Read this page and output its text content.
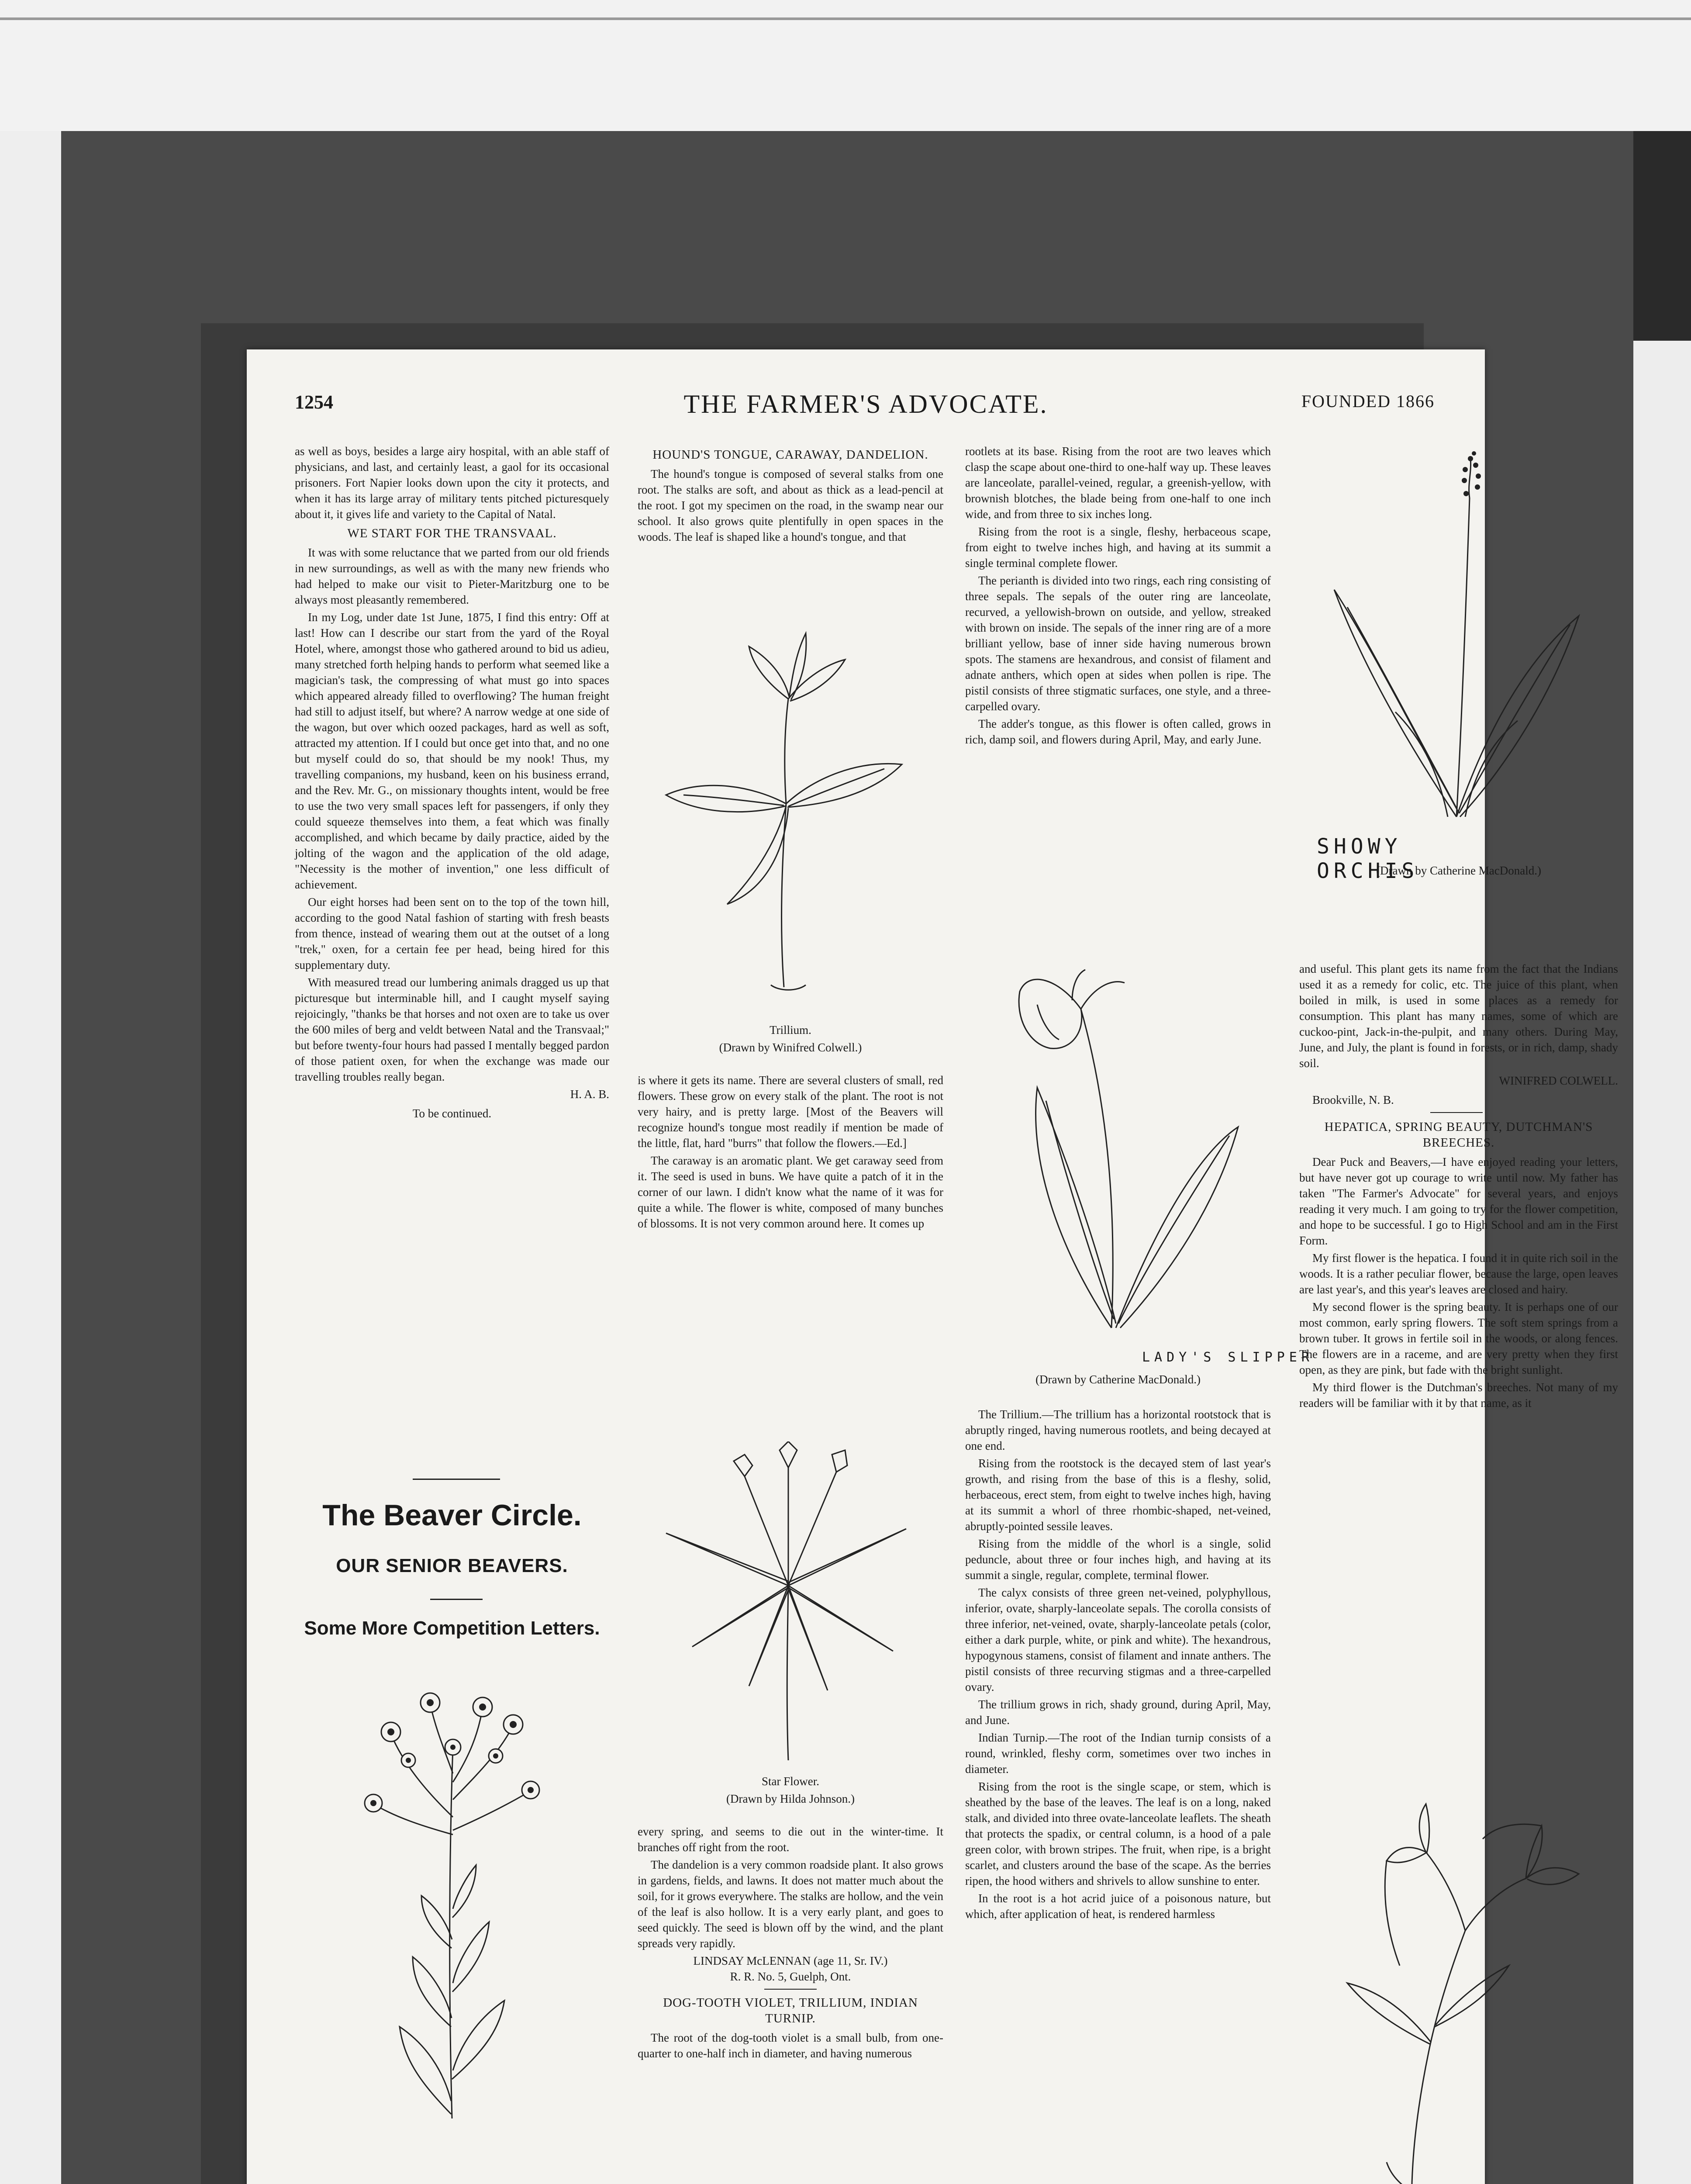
1254	THE FARMER'S ADVOCATE.	FOUNDED 1866

as well as boys, besides a large airy hospital, with an able staff of physicians, and last, and certainly least, a gaol for its occasional prisoners. Fort Napier looks down upon the city it protects, and when it has its large array of military tents pitched picturesquely about it, it gives life and variety to the Capital of Natal.

WE START FOR THE TRANSVAAL.

It was with some reluctance that we parted from our old friends in new surroundings, as well as with the many new friends who had helped to make our visit to Pieter-Maritzburg one to be always most pleasantly remembered.

In my Log, under date 1st June, 1875, I find this entry: Off at last! How can I describe our start from the yard of the Royal Hotel, where, amongst those who gathered around to bid us adieu, many stretched forth helping hands to perform what seemed like a magician's task, the compressing of what must go into spaces which appeared already filled to overflowing? The human freight had still to adjust itself, but where? A narrow wedge at one side of the wagon, but over which oozed packages, hard as well as soft, attracted my attention. If I could but once get into that, and no one but myself could do so, that should be my nook! Thus, my travelling companions, my husband, keen on his business errand, and the Rev. Mr. G., on missionary thoughts intent, would be free to use the two very small spaces left for passengers, if only they could squeeze themselves into them, a feat which was finally accomplished, and which became by daily practice, aided by the jolting of the wagon and the application of the old adage, "Necessity is the mother of invention," one less difficult of achievement.

Our eight horses had been sent on to the top of the town hill, according to the good Natal fashion of starting with fresh beasts from thence, instead of wearing them out at the outset of a long "trek," oxen, for a certain fee per head, being hired for this supplementary duty.

With measured tread our lumbering animals dragged us up that picturesque but interminable hill, and I caught myself saying rejoicingly, "thanks be that horses and not oxen are to take us over the 600 miles of berg and veldt between Natal and the Transvaal;" but before twenty-four hours had passed I mentally begged pardon of those patient oxen, for when the exchange was made our travelling troubles really began.

H. A. B.
To be continued.
The Beaver Circle.
OUR SENIOR BEAVERS.
Some More Competition Letters.
HOUND'S TONGUE, CARAWAY, DANDELION.

The hound's tongue is composed of several stalks from one root. The stalks are soft, and about as thick as a lead-pencil at the root. I got my specimen on the road, in the swamp near our school. It also grows quite plentifully in open spaces in the woods. The leaf is shaped like a hound's tongue, and that

Trillium.
(Drawn by Winifred Colwell.)

is where it gets its name. There are several clusters of small, red flowers. These grow on every stalk of the plant. The root is not very hairy, and is pretty large. [Most of the Beavers will recognize hound's tongue most readily if mention be made of the little, flat, hard "burrs" that follow the flowers.—Ed.]

The caraway is an aromatic plant. We get caraway seed from it. The seed is used in buns. We have quite a patch of it in the corner of our lawn. I didn't know what the name of it was for quite a while. The flower is white, composed of many bunches of blossoms. It is not very common around here. It comes up

Star Flower.
(Drawn by Hilda Johnson.)

every spring, and seems to die out in the winter-time. It branches off right from the root.

The dandelion is a very common roadside plant. It also grows in gardens, fields, and lawns. It does not matter much about the soil, for it grows everywhere. The stalks are hollow, and the vein of the leaf is also hollow. It is a very early plant, and goes to seed quickly. The seed is blown off by the wind, and the plant spreads very rapidly.

LINDSAY McLENNAN (age 11, Sr. IV.)
R. R. No. 5, Guelph, Ont.
DOG-TOOTH VIOLET, TRILLIUM, INDIAN TURNIP.

The root of the dog-tooth violet is a small bulb, from one-quarter to one-half inch in diameter, and having numerous

rootlets at its base. Rising from the root are two leaves which clasp the scape about one-third to one-half way up. These leaves are lanceolate, parallel-veined, regular, a greenish-yellow, with brownish blotches, the blade being from one-half to one inch wide, and from three to six inches long.

Rising from the root is a single, fleshy, herbaceous scape, from eight to twelve inches high, and having at its summit a single terminal complete flower.

The perianth is divided into two rings, each ring consisting of three sepals. The sepals of the outer ring are lanceolate, recurved, a yellowish-brown on outside, and yellow, streaked with brown on inside. The sepals of the inner ring are of a more brilliant yellow, base of inner side having numerous brown spots. The stamens are hexandrous, and consist of filament and adnate anthers, which open at sides when pollen is ripe. The pistil consists of three stigmatic surfaces, one style, and a three-carpelled ovary.

The adder's tongue, as this flower is often called, grows in rich, damp soil, and flowers during April, May, and early June.

LADY'S SLIPPER
(Drawn by Catherine MacDonald.)

The Trillium.—The trillium has a horizontal rootstock that is abruptly ringed, having numerous rootlets, and being decayed at one end.

Rising from the rootstock is the decayed stem of last year's growth, and rising from the base of this is a fleshy, solid, herbaceous, erect stem, from eight to twelve inches high, having at its summit a whorl of three rhombic-shaped, net-veined, abruptly-pointed sessile leaves.

Rising from the middle of the whorl is a single, solid peduncle, about three or four inches high, and having at its summit a single, regular, complete, terminal flower.

The calyx consists of three green net-veined, polyphyllous, inferior, ovate, sharply-lanceolate sepals. The corolla consists of three inferior, net-veined, ovate, sharply-lanceolate petals (color, either a dark purple, white, or pink and white). The hexandrous, hypogynous stamens, consist of filament and innate anthers. The pistil consists of three recurving stigmas and a three-carpelled ovary.

The trillium grows in rich, shady ground, during April, May, and June.

Indian Turnip.—The root of the Indian turnip consists of a round, wrinkled, fleshy corm, sometimes over two inches in diameter.

Rising from the root is the single scape, or stem, which is sheathed by the base of the leaves. The leaf is on a long, naked stalk, and divided into three ovate-lanceolate leaflets. The sheath that protects the spadix, or central column, is a hood of a pale green color, with brown stripes. The fruit, when ripe, is a bright scarlet, and clusters around the base of the scape. As the berries ripen, the hood withers and shrivels to allow sunshine to enter.

In the root is a hot acrid juice of a poisonous nature, but which, after application of heat, is rendered harmless

SHOWY ORCHIS
(Drawn by Catherine MacDonald.)

and useful. This plant gets its name from the fact that the Indians used it as a remedy for colic, etc. The juice of this plant, when boiled in milk, is used in some places as a remedy for consumption. This plant has many names, some of which are cuckoo-pint, Jack-in-the-pulpit, and many others. During May, June, and July, the plant is found in forests, or in rich, damp, shady soil.

WINIFRED COLWELL.
Brookville, N. B.
HEPATICA, SPRING BEAUTY, DUTCHMAN'S BREECHES.

Dear Puck and Beavers,—I have enjoyed reading your letters, but have never got up courage to write until now. My father has taken "The Farmer's Advocate" for several years, and enjoys reading it very much. I am going to try for the flower competition, and hope to be successful. I go to High School and am in the First Form.

My first flower is the hepatica. I found it in quite rich soil in the woods. It is a rather peculiar flower, because the large, open leaves are last year's, and this year's leaves are closed and hairy.

My second flower is the spring beauty. It is perhaps one of our most common, early spring flowers. The soft stem springs from a brown tuber. It grows in fertile soil in the woods, or along fences. The flowers are in a raceme, and are very pretty when they first open, as they are pink, but fade with the bright sunlight.

My third flower is the Dutchman's breeches. Not many of my readers will be familiar with it by that name, as it
